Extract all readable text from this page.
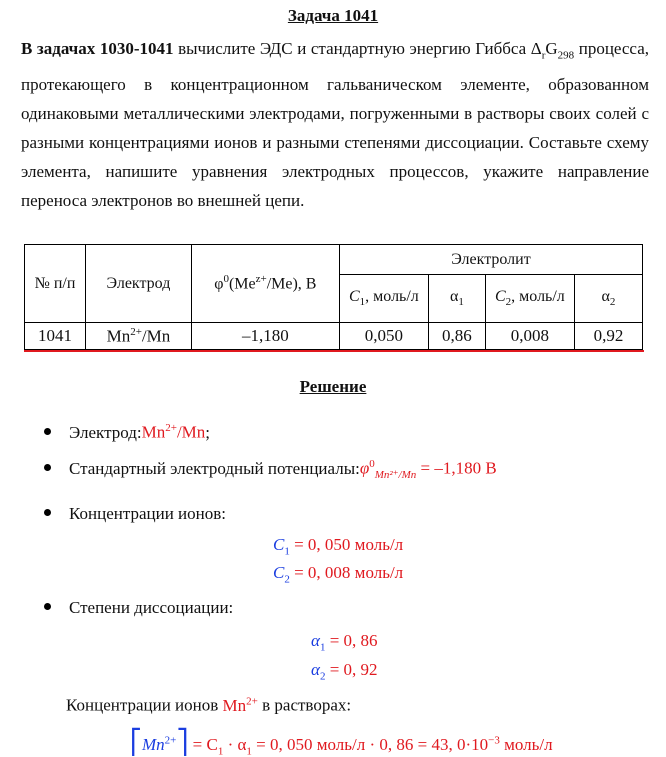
Задача 1041
В задачах 1030-1041 вычислите ЭДС и стандартную энергию Гиббса $\Delta_rG_{298}$ процесса, протекающего в концентрационном гальваническом элементе, образованном одинаковыми металлическими электродами, погруженными в растворы своих солей с разными концентрациями ионов и разными степенями диссоциации. Составьте схему элемента, напишите уравнения электродных процессов, укажите направление переноса электронов во внешней цепи.
№ п/п	Электрод	$\varphi^0(Me^{z+}/Me)$, В	Электролит			
			$C_1$, моль/л	$\alpha_1$	$C_2$, моль/л	$\alpha_2$
1041	$Mn^{2+}/Mn$	–1,180	0,050	0,86	0,008	0,92
Решение
Электрод: $Mn^{2+}/Mn$ ;
Стандартный электродный потенциалы: $\varphi^0_{Mn^{2+}/Mn} = -1,180$ В
Концентрации ионов:
$C_1 = 0$, 050 моль/л
$C_2 = 0$, 008 моль/л
Степени диссоциации:
$\alpha_1 = 0$, 86
$\alpha_2 = 0$, 92
Концентрации ионов $Mn^{2+}$ в растворах:
$⎡Mn^{2+}⎤ = C_1 \cdot \alpha_1 = 0$, 050 моль/л · 0, 86 = 43, $0\cdot 10^{-3}$ моль/л
